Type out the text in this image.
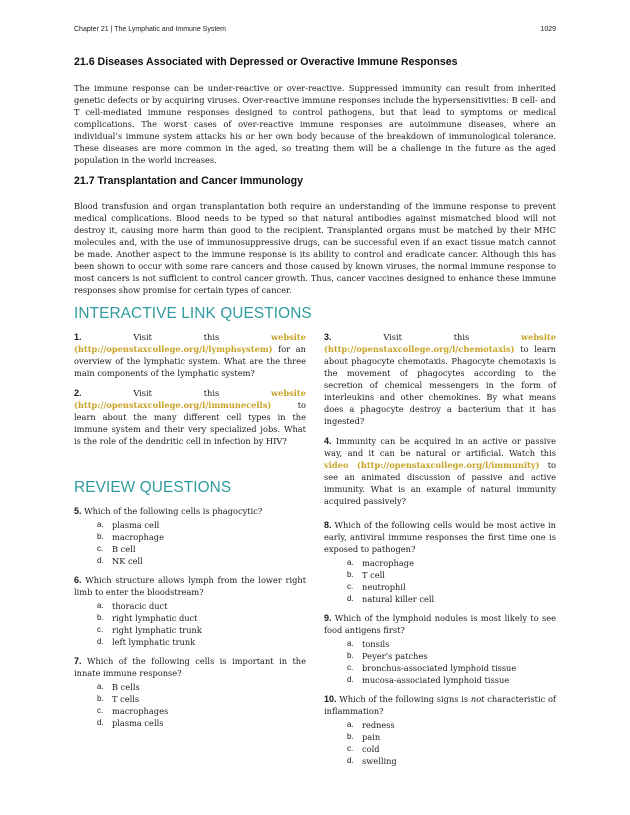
Chapter 21 | The Lymphatic and Immune System	1029
21.6 Diseases Associated with Depressed or Overactive Immune Responses

The immune response can be under-reactive or over-reactive. Suppressed immunity can result from inherited genetic defects or by acquiring viruses. Over-reactive immune responses include the hypersensitivities: B cell- and T cell-mediated immune responses designed to control pathogens, but that lead to symptoms or medical complications. The worst cases of over-reactive immune responses are autoimmune diseases, where an individual’s immune system attacks his or her own body because of the breakdown of immunological tolerance. These diseases are more common in the aged, so treating them will be a challenge in the future as the aged population in the world increases.

21.7 Transplantation and Cancer Immunology

Blood transfusion and organ transplantation both require an understanding of the immune response to prevent medical complications. Blood needs to be typed so that natural antibodies against mismatched blood will not destroy it, causing more harm than good to the recipient. Transplanted organs must be matched by their MHC molecules and, with the use of immunosuppressive drugs, can be successful even if an exact tissue match cannot be made. Another aspect to the immune response is its ability to control and eradicate cancer. Although this has been shown to occur with some rare cancers and those caused by known viruses, the normal immune response to most cancers is not sufficient to control cancer growth. Thus, cancer vaccines designed to enhance these immune responses show promise for certain types of cancer.

INTERACTIVE LINK QUESTIONS

1.	Visit this website (http://openstaxcollege.org/l/lymphsystem) for an overview of the lymphatic system. What are the three main components of the lymphatic system?

2.	Visit this website (http://openstaxcollege.org/l/immunecells) to learn about the many different cell types in the immune system and their very specialized jobs. What is the role of the dendritic cell in infection by HIV?

3.	Visit this website (http://openstaxcollege.org/l/chemotaxis) to learn about phagocyte chemotaxis. Phagocyte chemotaxis is the movement of phagocytes according to the secretion of chemical messengers in the form of interleukins and other chemokines. By what means does a phagocyte destroy a bacterium that it has ingested?

4. Immunity can be acquired in an active or passive way, and it can be natural or artificial. Watch this video (http://openstaxcollege.org/l/immunity) to see an animated discussion of passive and active immunity. What is an example of natural immunity acquired passively?

REVIEW QUESTIONS

5. Which of the following cells is phagocytic?

a. plasma cell
b. macrophage
c. B cell
d. NK cell

6. Which structure allows lymph from the lower right limb to enter the bloodstream?

a. thoracic duct
b. right lymphatic duct
c. right lymphatic trunk
d. left lymphatic trunk

7. Which of the following cells is important in the innate immune response?

a. B cells
b. T cells
c. macrophages
d. plasma cells

8. Which of the following cells would be most active in early, antiviral immune responses the first time one is exposed to pathogen?

a. macrophage
b. T cell
c. neutrophil
d. natural killer cell

9. Which of the lymphoid nodules is most likely to see food antigens first?

a. tonsils
b. Peyer’s patches
c. bronchus-associated lymphoid tissue
d. mucosa-associated lymphoid tissue

10. Which of the following signs is not characteristic of inflammation?

a. redness
b. pain
c. cold
d. swelling
